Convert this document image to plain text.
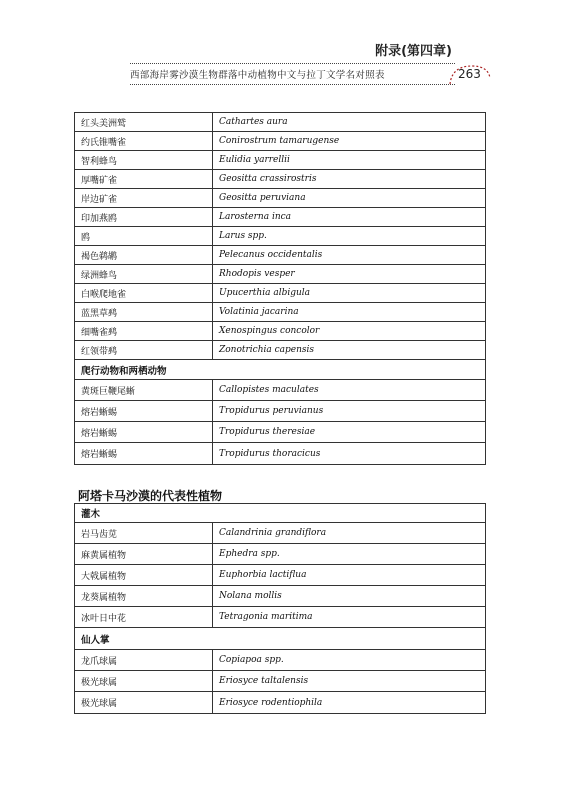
附录(第四章)
西部海岸雾沙漠生物群落中动植物中文与拉丁文学名对照表	263
红头美洲鹫	Cathartes aura
约氏锥嘴雀	Conirostrum tamarugense
智利蜂鸟	Eulidia yarrellii
厚嘴矿雀	Geositta crassirostris
岸边矿雀	Geositta peruviana
印加燕鸥	Larosterna inca
鸥	Larus spp.
褐色鹈鹕	Pelecanus occidentalis
绿洲蜂鸟	Rhodopis vesper
白喉爬地雀	Upucerthia albigula
蓝黑草鹀	Volatinia jacarina
细嘴雀鹀	Xenospingus concolor
红领带鹀	Zonotrichia capensis
爬行动物和两栖动物	
黄斑巨鞭尾蜥	Callopistes maculates
熔岩蜥蜴	Tropidurus peruvianus
熔岩蜥蜴	Tropidurus theresiae
熔岩蜥蜴	Tropidurus thoracicus
阿塔卡马沙漠的代表性植物
灌木	
岩马齿苋	Calandrinia grandiflora
麻黄属植物	Ephedra spp.
大戟属植物	Euphorbia lactiflua
龙葵属植物	Nolana mollis
冰叶日中花	Tetragonia maritima
仙人掌	
龙爪球属	Copiapoa spp.
极光球属	Eriosyce taltalensis
极光球属	Eriosyce rodentiophila
